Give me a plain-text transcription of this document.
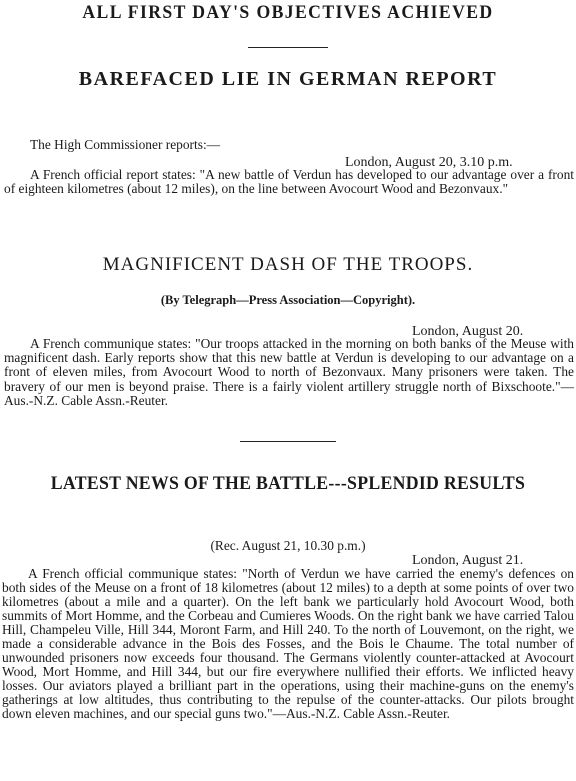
ALL FIRST DAY'S OBJECTIVES ACHIEVED
BAREFACED LIE IN GERMAN REPORT

The High Commissioner reports:—

London, August 20, 3.10 p.m.

A French official report states: "A new battle of Verdun has developed to our advantage over a front of eighteen kilometres (about 12 miles), on the line between Avocourt Wood and Bezonvaux."

MAGNIFICENT DASH OF THE TROOPS.

(By Telegraph—Press Association—Copyright).

London, August 20.

A French communique states: "Our troops attacked in the morning on both banks of the Meuse with magnificent dash. Early reports show that this new battle at Verdun is developing to our advantage on a front of eleven miles, from Avocourt Wood to north of Bezonvaux. Many prisoners were taken. The bravery of our men is beyond praise. There is a fairly violent artillery struggle north of Bixschoote."—Aus.-N.Z. Cable Assn.-Reuter.

LATEST NEWS OF THE BATTLE---SPLENDID RESULTS

(Rec. August 21, 10.30 p.m.)

London, August 21.

A French official communique states: "North of Verdun we have carried the enemy's defences on both sides of the Meuse on a front of 18 kilometres (about 12 miles) to a depth at some points of over two kilometres (about a mile and a quarter). On the left bank we particularly hold Avocourt Wood, both summits of Mort Homme, and the Corbeau and Cumieres Woods. On the right bank we have carried Talou Hill, Champeleu Ville, Hill 344, Moront Farm, and Hill 240. To the north of Louvemont, on the right, we made a considerable advance in the Bois des Fosses, and the Bois le Chaume. The total number of unwounded prisoners now exceeds four thousand. The Germans violently counter-attacked at Avocourt Wood, Mort Homme, and Hill 344, but our fire everywhere nullified their efforts. We inflicted heavy losses. Our aviators played a brilliant part in the operations, using their machine-guns on the enemy's gatherings at low altitudes, thus contributing to the repulse of the counter-attacks. Our pilots brought down eleven machines, and our special guns two."—Aus.-N.Z. Cable Assn.-Reuter.
